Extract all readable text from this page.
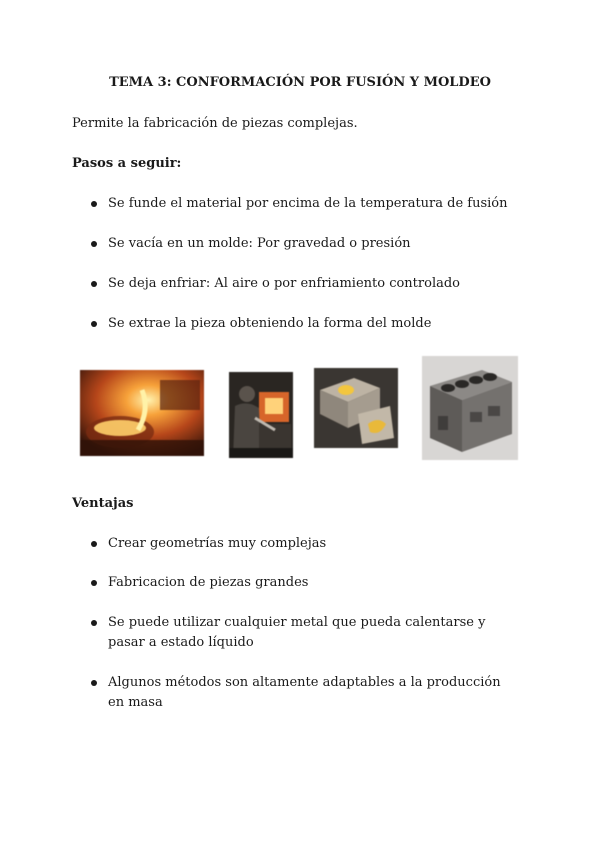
TEMA 3: CONFORMACIÓN POR FUSIÓN Y MOLDEO
Permite la fabricación de piezas complejas.
Pasos a seguir:
Se funde el material por encima de la temperatura de fusión
Se vacía en un molde: Por gravedad o presión
Se deja enfriar: Al aire o por enfriamiento controlado
Se extrae la pieza obteniendo la forma del molde
Ventajas
Crear geometrías muy complejas
Fabricacion de piezas grandes
Se puede utilizar cualquier metal que pueda calentarse y pasar a estado líquido
Algunos métodos son altamente adaptables a la producción en masa
